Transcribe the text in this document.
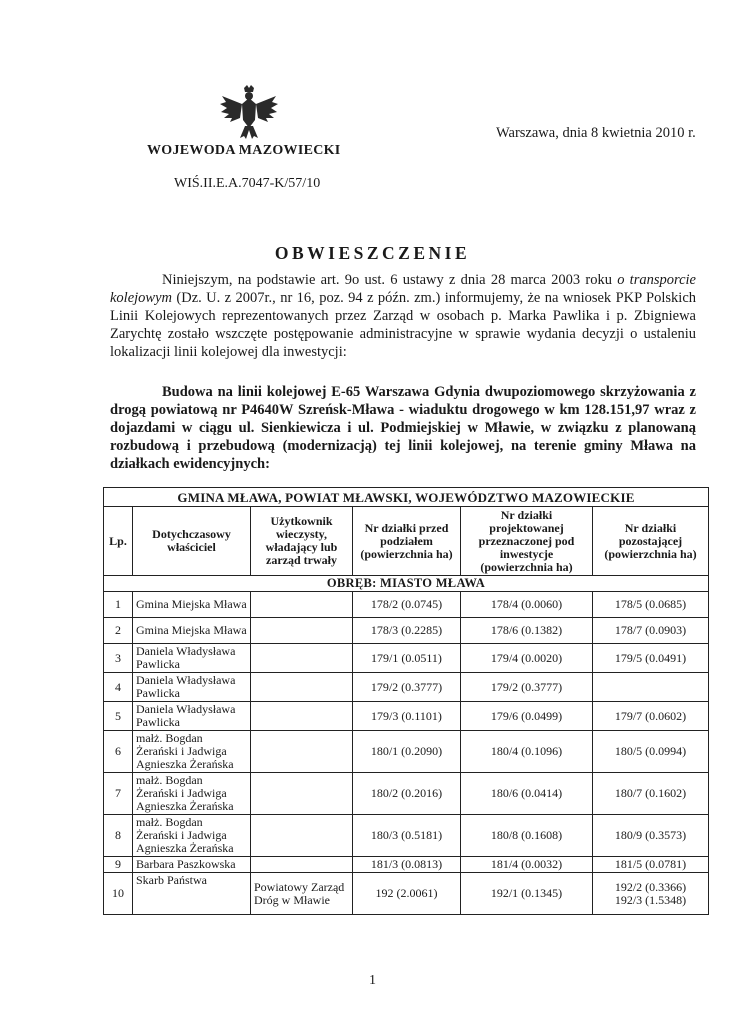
WOJEWODA MAZOWIECKI
Warszawa, dnia 8 kwietnia 2010 r.
WIŚ.II.E.A.7047-K/57/10
OBWIESZCZENIE

Niniejszym, na podstawie art. 9o ust. 6 ustawy z dnia 28 marca 2003 roku o transporcie kolejowym (Dz. U. z 2007r., nr 16, poz. 94 z późn. zm.) informujemy, że na wniosek PKP Polskich Linii Kolejowych reprezentowanych przez Zarząd w osobach p. Marka Pawlika i p. Zbigniewa Zarychtę zostało wszczęte postępowanie administracyjne w sprawie wydania decyzji o ustaleniu lokalizacji linii kolejowej dla inwestycji:

Budowa na linii kolejowej E-65 Warszawa Gdynia dwupoziomowego skrzyżowania z drogą powiatową nr P4640W Szreńsk-Mława - wiaduktu drogowego w km 128.151,97 wraz z dojazdami w ciągu ul. Sienkiewicza i ul. Podmiejskiej w Mławie, w związku z planowaną rozbudową i przebudową (modernizacją) tej linii kolejowej, na terenie gminy Mława na działkach ewidencyjnych:

GMINA MŁAWA, POWIAT MŁAWSKI, WOJEWÓDZTWO MAZOWIECKIE					
Lp.	Dotychczasowy właściciel	Użytkownik wieczysty, władający lub zarząd trwały	Nr działki przed podziałem (powierzchnia ha)	Nr działki projektowanej przeznaczonej pod inwestycje (powierzchnia ha)	Nr działki pozostającej (powierzchnia ha)
OBRĘB: MIASTO MŁAWA					
1	Gmina Miejska Mława		178/2 (0.0745)	178/4 (0.0060)	178/5 (0.0685)
2	Gmina Miejska Mława		178/3 (0.2285)	178/6 (0.1382)	178/7 (0.0903)
3	Daniela Władysława Pawlicka		179/1 (0.0511)	179/4 (0.0020)	179/5 (0.0491)
4	Daniela Władysława Pawlicka		179/2 (0.3777)	179/2 (0.3777)	
5	Daniela Władysława Pawlicka		179/3 (0.1101)	179/6 (0.0499)	179/7 (0.0602)
6	małż. Bogdan Żerański i Jadwiga Agnieszka Żerańska		180/1 (0.2090)	180/4 (0.1096)	180/5 (0.0994)
7	małż. Bogdan Żerański i Jadwiga Agnieszka Żerańska		180/2 (0.2016)	180/6 (0.0414)	180/7 (0.1602)
8	małż. Bogdan Żerański i Jadwiga Agnieszka Żerańska		180/3 (0.5181)	180/8 (0.1608)	180/9 (0.3573)
9	Barbara Paszkowska		181/3 (0.0813)	181/4 (0.0032)	181/5 (0.0781)
10	Skarb Państwa	Powiatowy Zarząd Dróg w Mławie	192 (2.0061)	192/1 (0.1345)	192/2 (0.3366)
192/3 (1.5348)
1
